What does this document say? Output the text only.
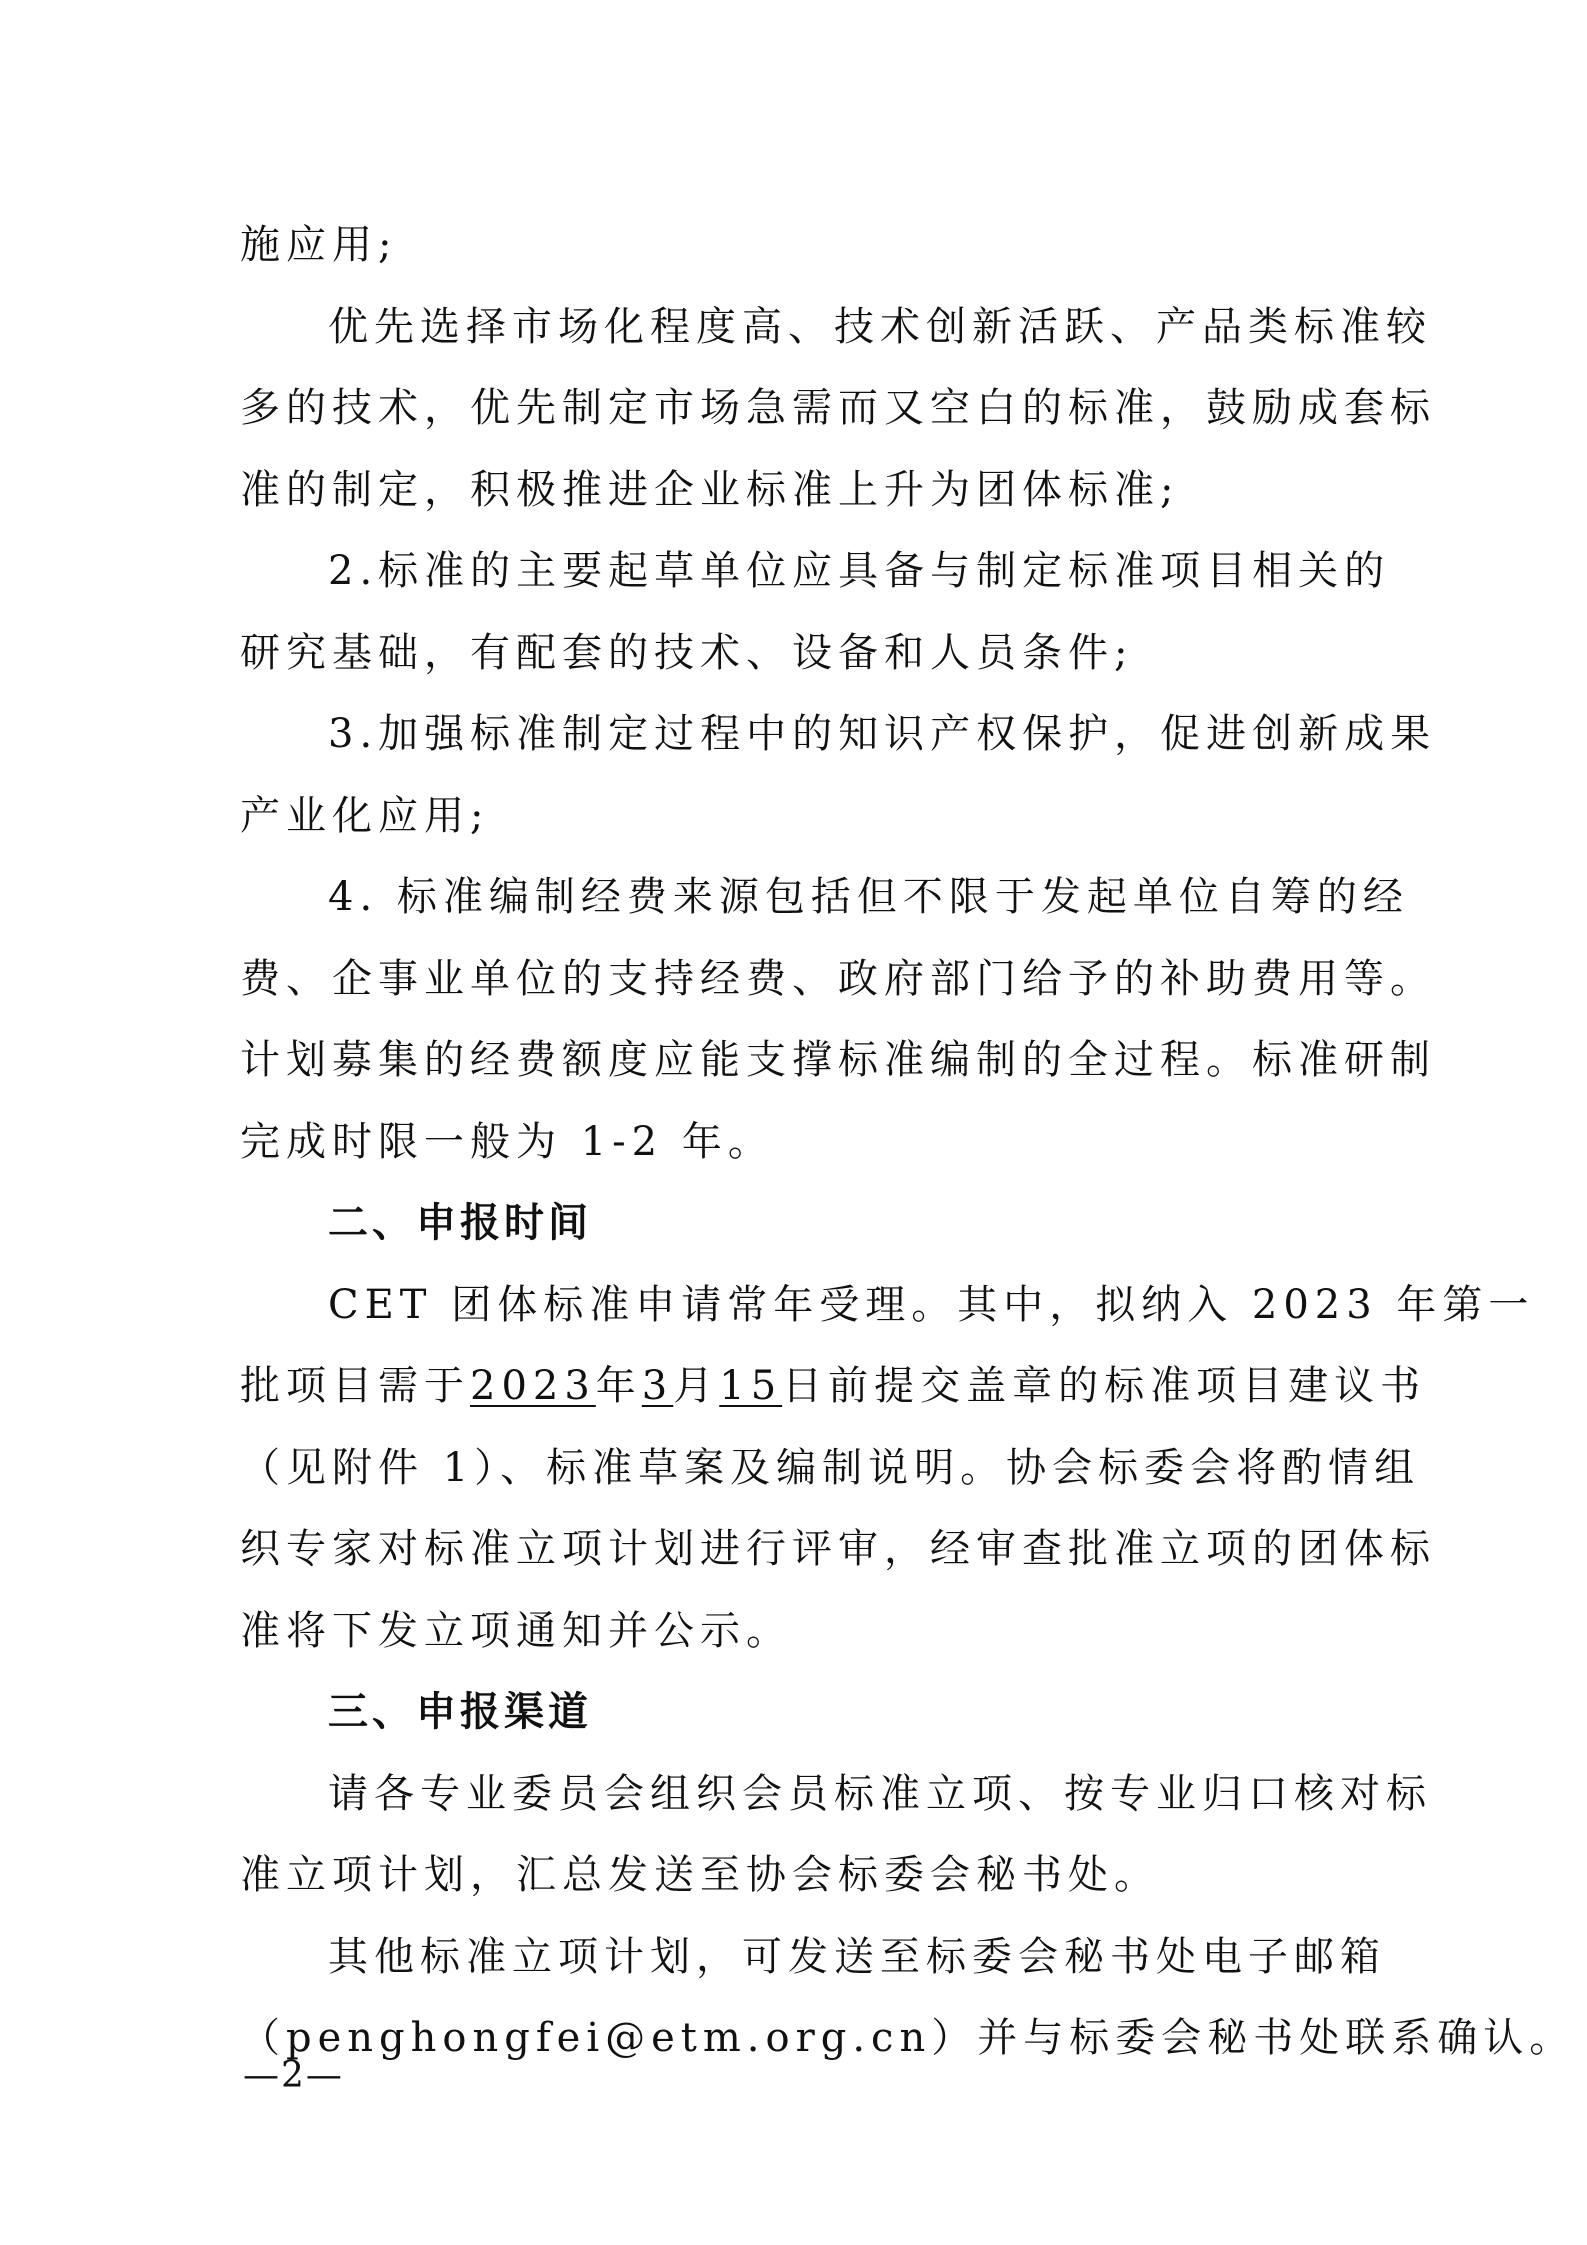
施应用;
优先选择市场化程度高、技术创新活跃、产品类标准较
多的技术，优先制定市场急需而又空白的标准，鼓励成套标
准的制定，积极推进企业标准上升为团体标准;
2.标准的主要起草单位应具备与制定标准项目相关的
研究基础，有配套的技术、设备和人员条件;
3.加强标准制定过程中的知识产权保护，促进创新成果
产业化应用;
4. 标准编制经费来源包括但不限于发起单位自筹的经
费、企事业单位的支持经费、政府部门给予的补助费用等。
计划募集的经费额度应能支撑标准编制的全过程。标准研制
完成时限一般为 1-2 年。
二、申报时间
CET 团体标准申请常年受理。其中，拟纳入 2023 年第一
批项目需于2023年3月15日前提交盖章的标准项目建议书
（见附件 1）、标准草案及编制说明。协会标委会将酌情组
织专家对标准立项计划进行评审，经审查批准立项的团体标
准将下发立项通知并公示。
三、申报渠道
请各专业委员会组织会员标准立项、按专业归口核对标
准立项计划，汇总发送至协会标委会秘书处。
其他标准立项计划，可发送至标委会秘书处电子邮箱
（penghongfei@etm.org.cn）并与标委会秘书处联系确认。
—2—
